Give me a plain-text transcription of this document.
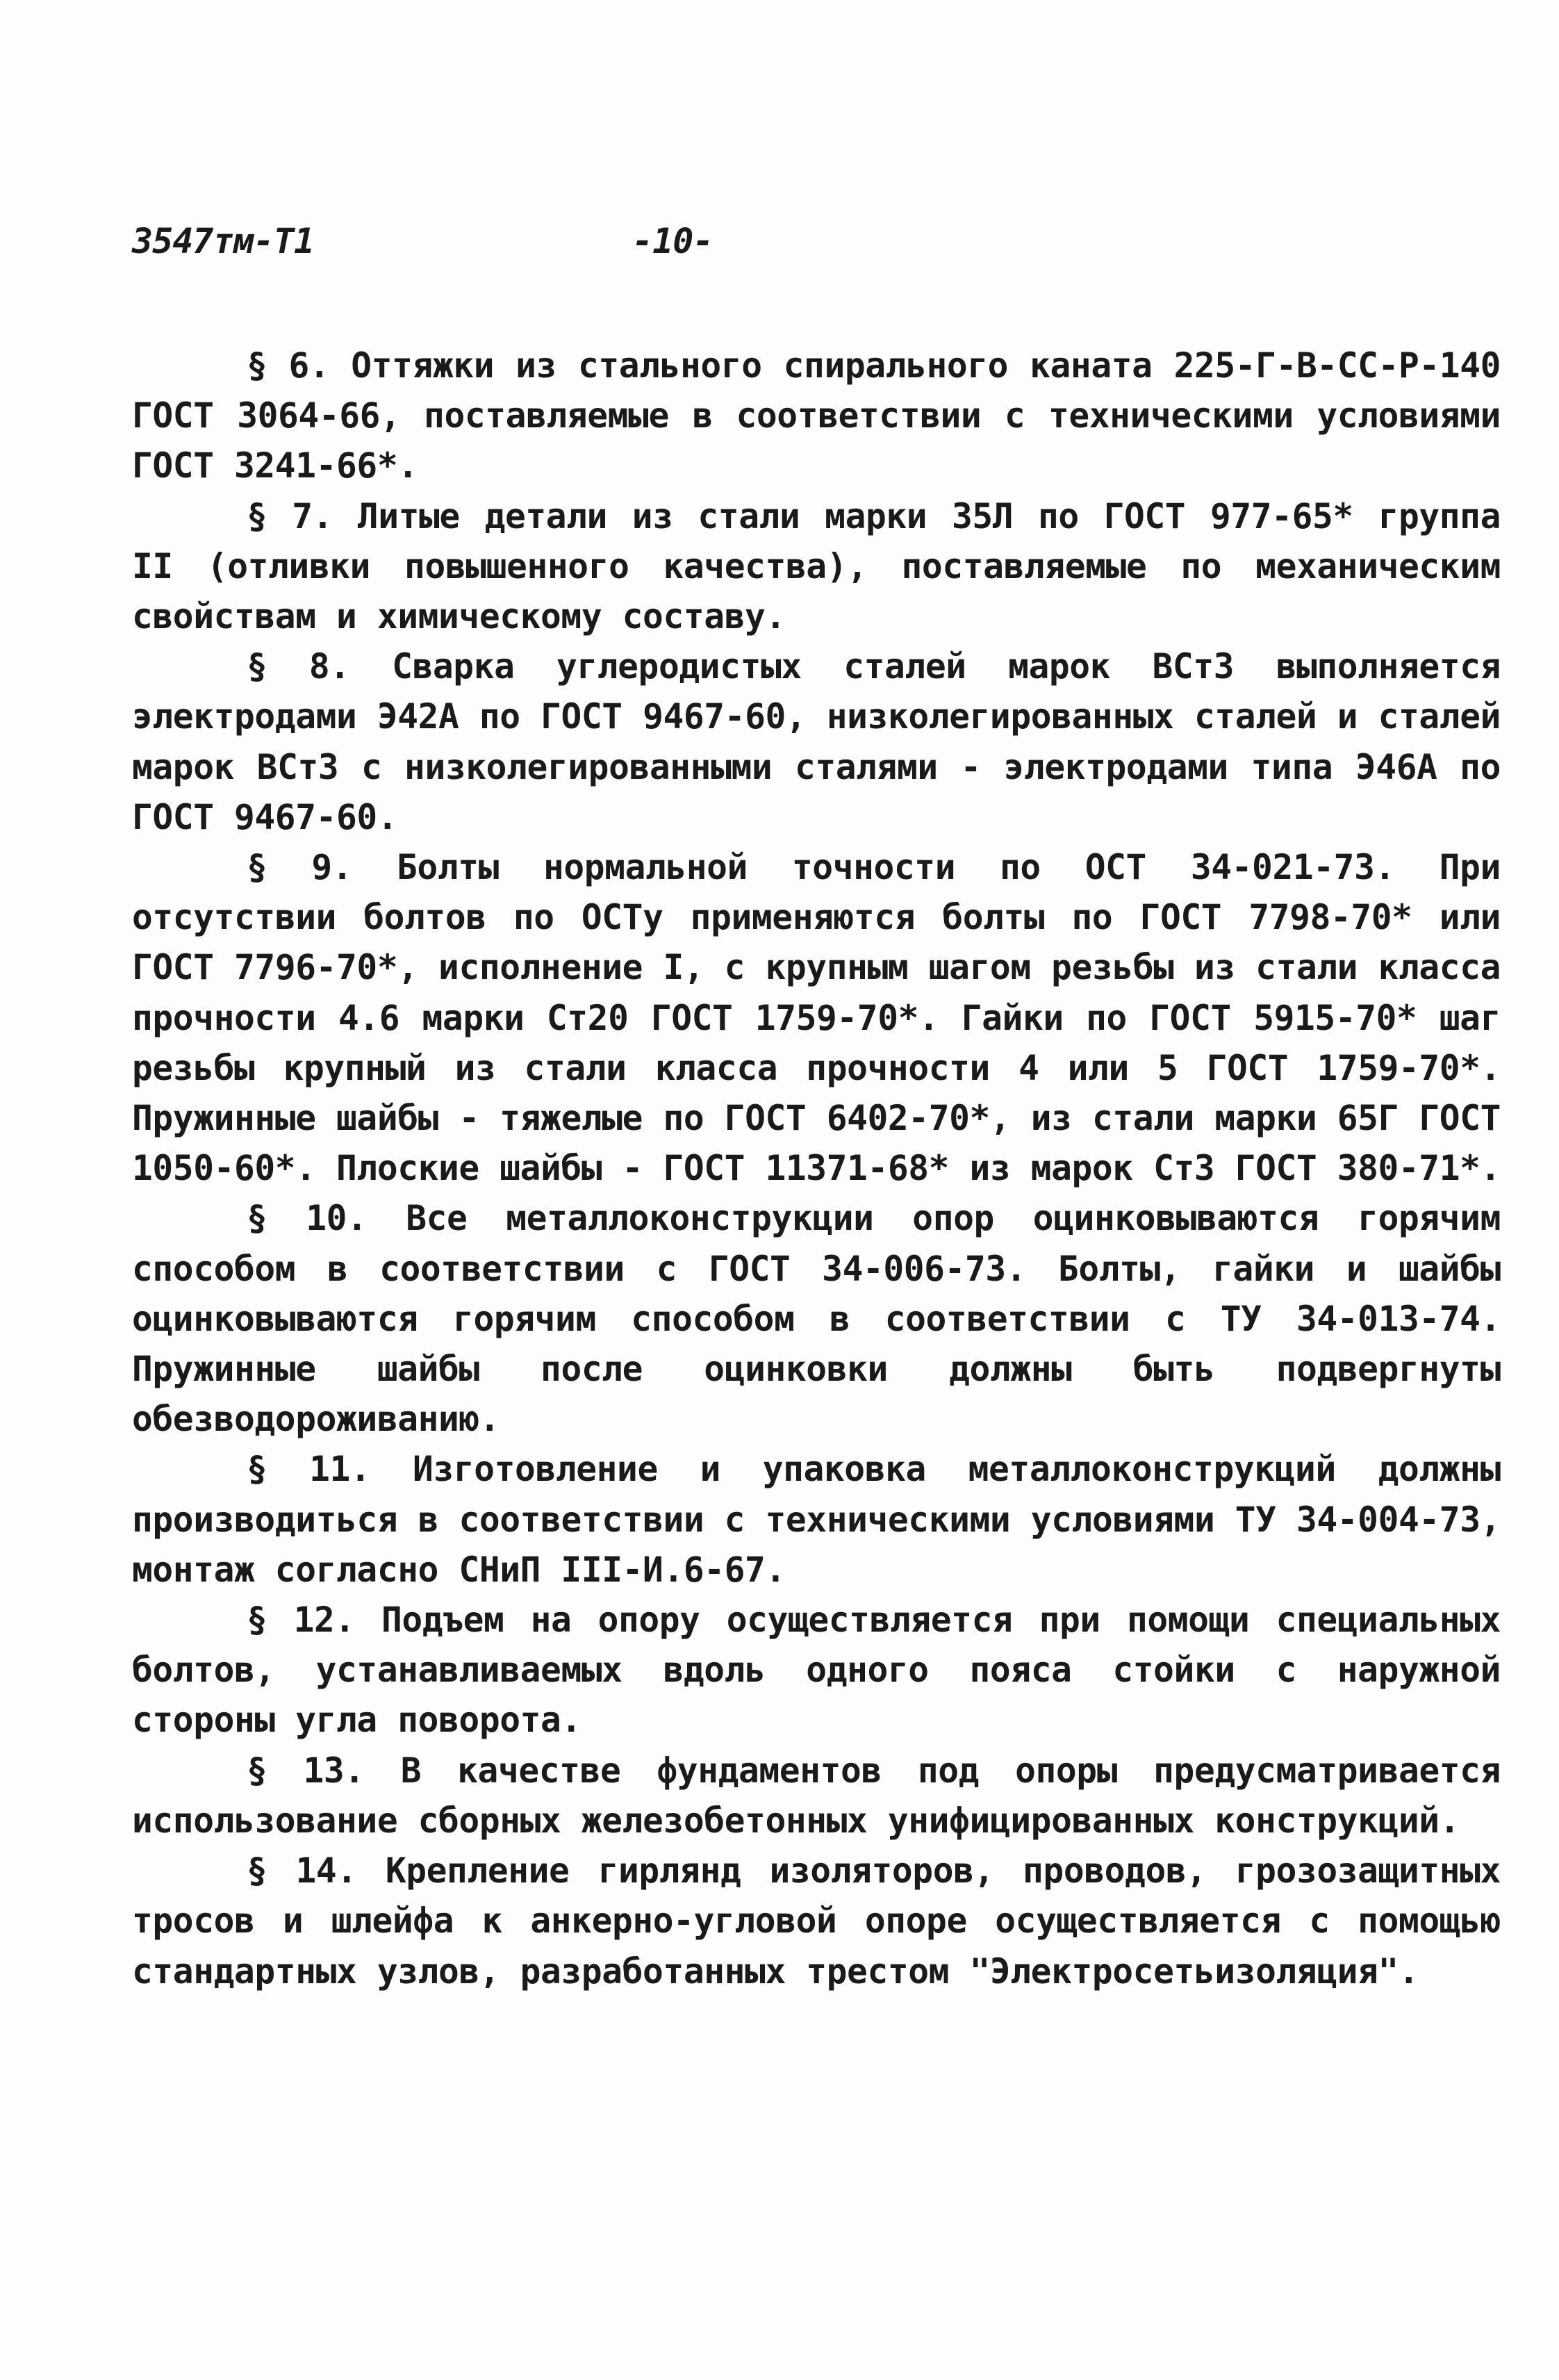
3547тм-Т1	-10-

§ 6. Оттяжки из стального спирального каната 225-Г-В-СС-Р-140 ГОСТ 3064-66, поставляемые в соответствии с техническими условиями ГОСТ 3241-66*.

§ 7. Литые детали из стали марки 35Л по ГОСТ 977-65* группа II (отливки повышенного качества), поставляемые по механическим свойствам и химическому составу.

§ 8. Сварка углеродистых сталей марок ВСт3 выполняется электродами Э42А по ГОСТ 9467-60, низколегированных сталей и сталей марок ВСт3 с низколегированными сталями - электродами типа Э46А по ГОСТ 9467-60.

§ 9. Болты нормальной точности по ОСТ 34-021-73. При отсутствии болтов по ОСТу применяются болты по ГОСТ 7798-70* или ГОСТ 7796-70*, исполнение I, с крупным шагом резьбы из стали класса прочности 4.6 марки Ст20 ГОСТ 1759-70*. Гайки по ГОСТ 5915-70* шаг резьбы крупный из стали класса прочности 4 или 5 ГОСТ 1759-70*. Пружинные шайбы - тяжелые по ГОСТ 6402-70*, из стали марки 65Г ГОСТ 1050-60*. Плоские шайбы - ГОСТ 11371-68* из марок Ст3 ГОСТ 380-71*.

§ 10. Все металлоконструкции опор оцинковываются горячим способом в соответствии с ГОСТ 34-006-73. Болты, гайки и шайбы оцинковываются горячим способом в соответствии с ТУ 34-013-74. Пружинные шайбы после оцинковки должны быть подвергнуты обезводороживанию.

§ 11. Изготовление и упаковка металлоконструкций должны производиться в соответствии с техническими условиями ТУ 34-004-73, монтаж согласно СНиП III-И.6-67.

§ 12. Подъем на опору осуществляется при помощи специальных болтов, устанавливаемых вдоль одного пояса стойки с наружной стороны угла поворота.

§ 13. В качестве фундаментов под опоры предусматривается использование сборных железобетонных унифицированных конструкций.

§ 14. Крепление гирлянд изоляторов, проводов, грозозащитных тросов и шлейфа к анкерно-угловой опоре осуществляется с помощью стандартных узлов, разработанных трестом "Электросетьизоляция".
